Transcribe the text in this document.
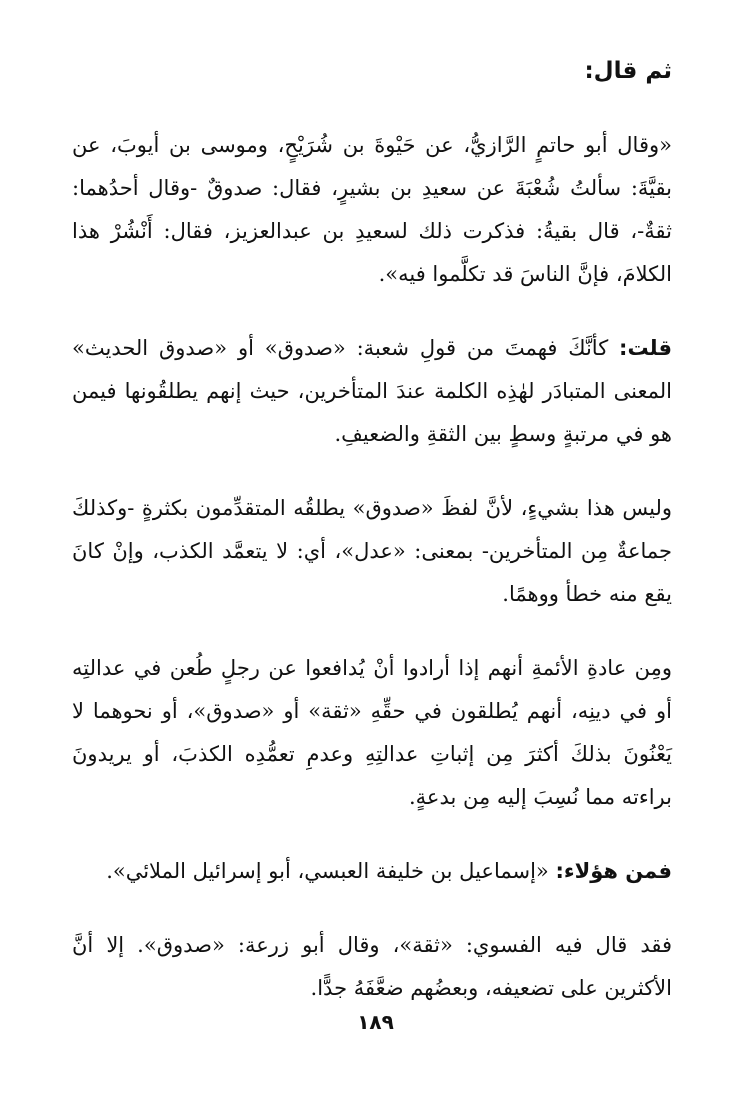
ثم قال:

«وقال أبو حاتمٍ الرَّازيُّ، عن حَيْوةَ بن شُرَيْحٍ، وموسى بن أيوبَ، عن بقيَّةَ: سألتُ شُعْبَةَ عن سعيدِ بن بشيرٍ، فقال: صدوقٌ -وقال أحدُهما: ثقةٌ-، قال بقيةُ: فذكرت ذلك لسعيدِ بن عبدالعزيز، فقال: أَنْشُرْ هذا الكلامَ، فإنَّ الناسَ قد تكلَّموا فيه».

قلت: كأنَّكَ فهمتَ من قولِ شعبة: «صدوق» أو «صدوق الحديث» المعنى المتبادَر لهٰذِه الكلمة عندَ المتأخرين، حيث إنهم يطلقُونها فيمن هو في مرتبةٍ وسطٍ بين الثقةِ والضعيفِ.

وليس هذا بشيءٍ، لأنَّ لفظَ «صدوق» يطلقُه المتقدِّمون بكثرةٍ -وكذلكَ جماعةٌ مِن المتأخرين- بمعنى: «عدل»، أي: لا يتعمَّد الكذب، وإنْ كانَ يقع منه خطأ ووهمًا.

ومِن عادةِ الأئمةِ أنهم إذا أرادوا أنْ يُدافعوا عن رجلٍ طُعن في عدالتِه أو في دينِه، أنهم يُطلقون في حقِّهِ «ثقة» أو «صدوق»، أو نحوهما لا يَعْنُونَ بذلكَ أكثرَ مِن إثباتِ عدالتِهِ وعدمِ تعمُّدِه الكذبَ، أو يريدونَ براءته مما نُسِبَ إليه مِن بدعةٍ.

فمن هؤلاء: «إسماعيل بن خليفة العبسي، أبو إسرائيل الملائي».

فقد قال فيه الفسوي: «ثقة»، وقال أبو زرعة: «صدوق». إلا أنَّ الأكثرين على تضعيفه، وبعضُهم ضعَّفَهُ جدًّا.

١٨٩
